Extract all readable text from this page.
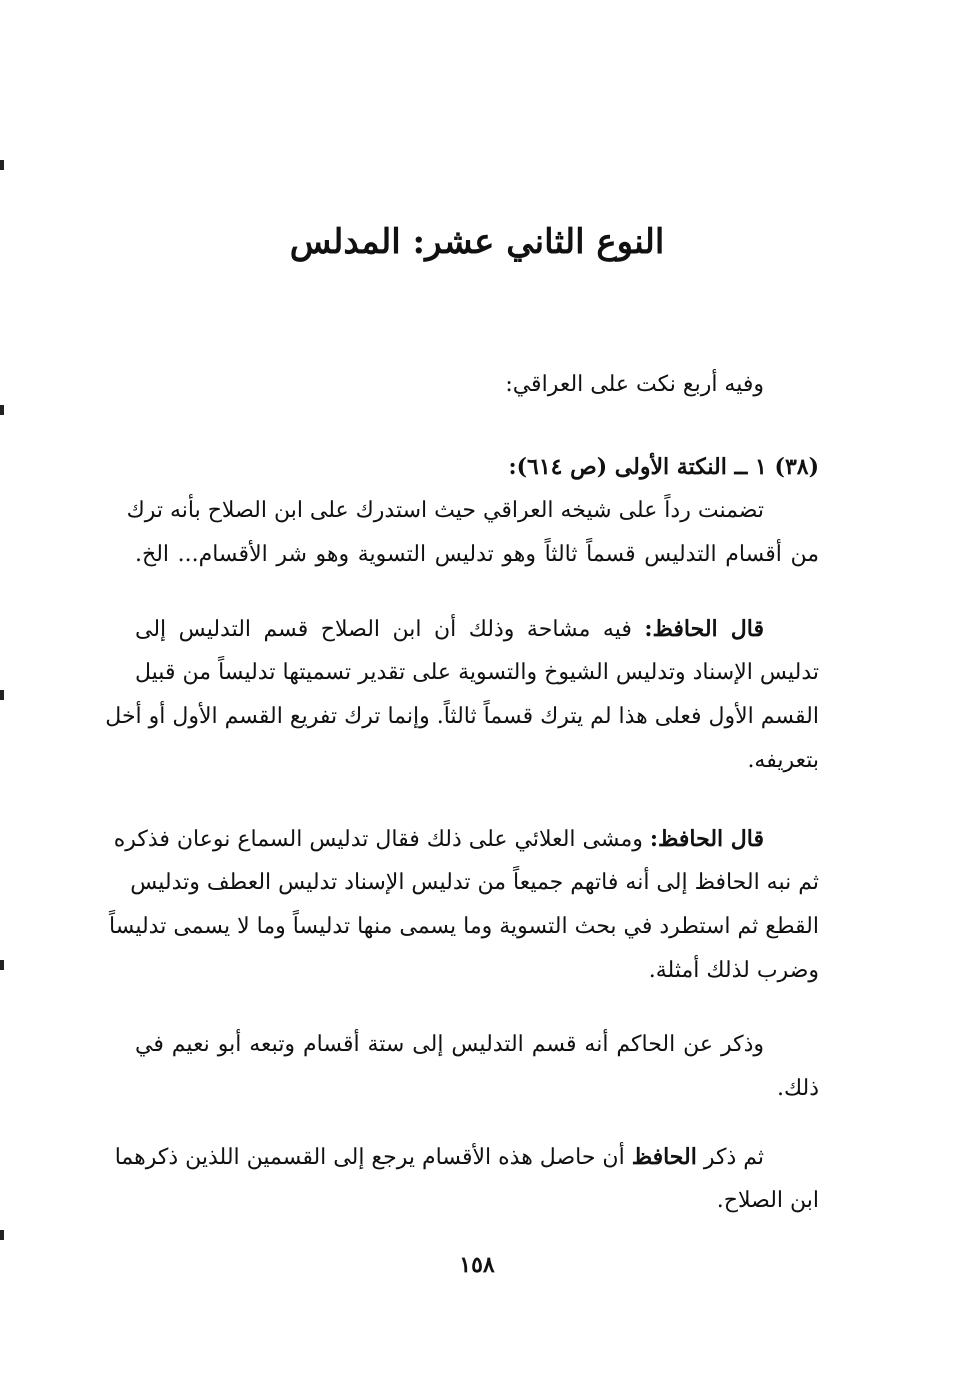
النوع الثاني عشر: المدلس
وفيه أربع نكت على العراقي:
(٣٨) ١ ــ النكتة الأولى (ص ٦١٤):
تضمنت رداً على شيخه العراقي حيث استدرك على ابن الصلاح بأنه ترك
من أقسام التدليس قسماً ثالثاً وهو تدليس التسوية وهو شر الأقسام... الخ.
قال الحافظ: فيه مشاحة وذلك أن ابن الصلاح قسم التدليس إلى
تدليس الإسناد وتدليس الشيوخ والتسوية على تقدير تسميتها تدليساً من قبيل
القسم الأول فعلى هذا لم يترك قسماً ثالثاً. وإنما ترك تفريع القسم الأول أو أخل
بتعريفه.
قال الحافظ: ومشى العلائي على ذلك فقال تدليس السماع نوعان فذكره
ثم نبه الحافظ إلى أنه فاتهم جميعاً من تدليس الإسناد تدليس العطف وتدليس
القطع ثم استطرد في بحث التسوية وما يسمى منها تدليساً وما لا يسمى تدليساً
وضرب لذلك أمثلة.
وذكر عن الحاكم أنه قسم التدليس إلى ستة أقسام وتبعه أبو نعيم في
ذلك.
ثم ذكر الحافظ أن حاصل هذه الأقسام يرجع إلى القسمين اللذين ذكرهما
ابن الصلاح.
١٥٨
